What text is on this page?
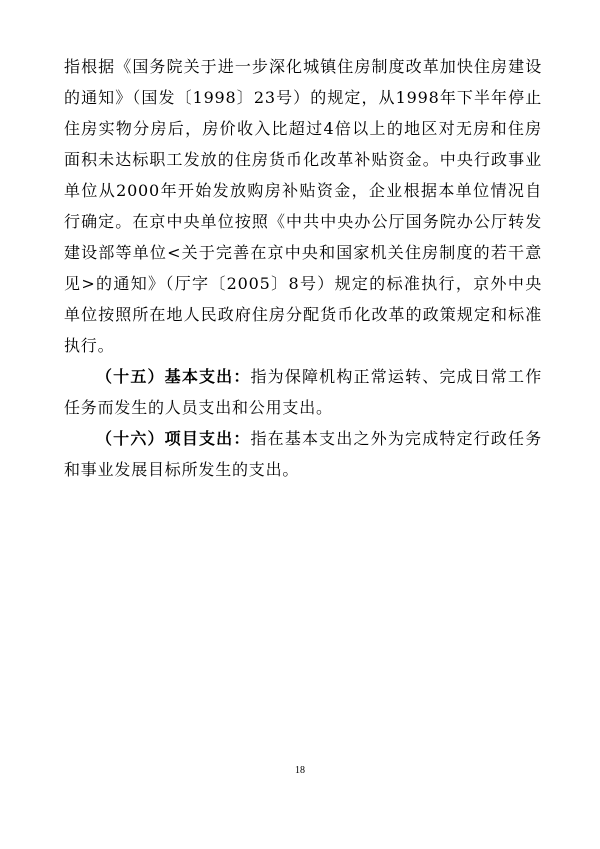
指根据《国务院关于进一步深化城镇住房制度改革加快住房建设的通知》（国发〔1998〕23号）的规定，从1998年下半年停止住房实物分房后，房价收入比超过4倍以上的地区对无房和住房面积未达标职工发放的住房货币化改革补贴资金。中央行政事业单位从2000年开始发放购房补贴资金，企业根据本单位情况自行确定。在京中央单位按照《中共中央办公厅国务院办公厅转发建设部等单位<关于完善在京中央和国家机关住房制度的若干意见>的通知》（厅字〔2005〕8号）规定的标准执行，京外中央单位按照所在地人民政府住房分配货币化改革的政策规定和标准执行。

（十五）基本支出：指为保障机构正常运转、完成日常工作任务而发生的人员支出和公用支出。

（十六）项目支出：指在基本支出之外为完成特定行政任务和事业发展目标所发生的支出。

18
